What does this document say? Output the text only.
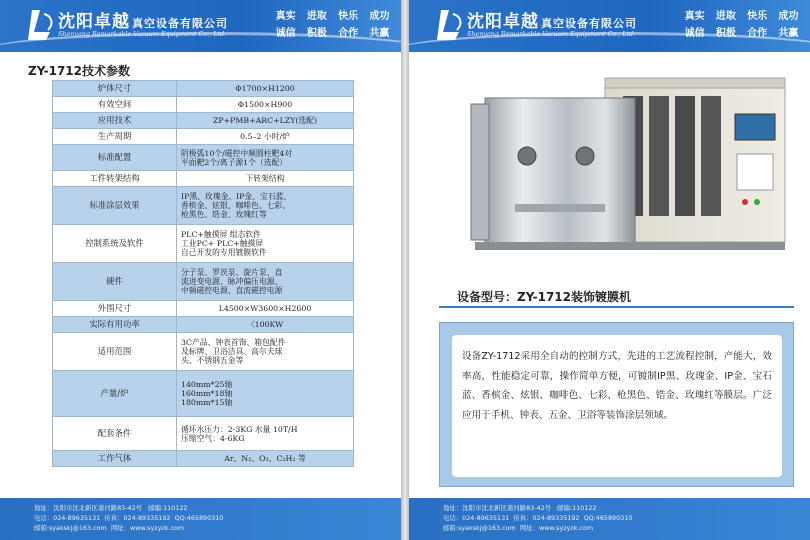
沈阳卓越 真空设备有限公司
Shenyang Remarkable Vacuum Equipment Co., Ltd.
真实	进取	快乐	成功
诚信	积极	合作	共赢
ZY-1712技术参数
炉体尺寸	Φ1700×H1200

有效空间	Φ1500×H900

应用技术	ZP+PMB+ARC+LZY(选配)

生产周期	0.5–2 小时/炉

标准配置	阴极弧10个/磁控中频圆柱靶4对
平面靶2个/离子源1个（选配）

工件转架结构	下转架结构

标准涂层效果	IP黑、玫瑰金、IP金、宝石蓝、
香槟金、炫银、咖啡色、七彩、
枪黑色、锆金、玫瑰红等

控制系统及软件	PLC+触摸屏 组态软件
工业PC+ PLC+触摸屏
自己开发的专用镀膜软件

硬件	分子泵、罗茨泵、旋片泵、直
流进变电源、脉冲偏压电源、
中频磁控电源、直流磁控电源

外围尺寸	L4500×W3600×H2600

实际有用功率	〈100KW

适用范围	3C产品、钟表首饰、箱包配件
及标牌、卫浴洁具、高尔夫球
头、不锈钢五金等

产量/炉	140mm*25轴
160mm*18轴
180mm*15轴

配套条件	循环水压力：2-3KG 水量 10T/H
压缩空气：4-6KG

工作气体	Ar、N₂、O₂、C₂H₂ 等
地址：沈阳市沈北新区蒲河路83-42号 邮编:110122
电话：024-89635131 传真：024-89335192 QQ:465890310
邮箱:syakskj@163.com 网址：www.syzyzk.com
沈阳卓越 真空设备有限公司
Shenyang Remarkable Vacuum Equipment Co., Ltd.
真实	进取	快乐	成功
诚信	积极	合作	共赢
设备型号：ZY-1712装饰镀膜机

设备ZY-1712采用全自动的控制方式，先进的工艺流程控制，产能大，效率高，性能稳定可靠，操作简单方便，可镀制IP黑、玫瑰金、IP金、宝石蓝、香槟金、炫银、咖啡色、七彩、枪黑色、锆金、玫瑰红等膜层。广泛应用于手机、钟表、五金、卫浴等装饰涂层领域。

地址：沈阳市沈北新区蒲河路83-42号 邮编:110122
电话：024-89635131 传真：024-89335192 QQ:465890310
邮箱:syakskj@163.com 网址：www.syzyzk.com
